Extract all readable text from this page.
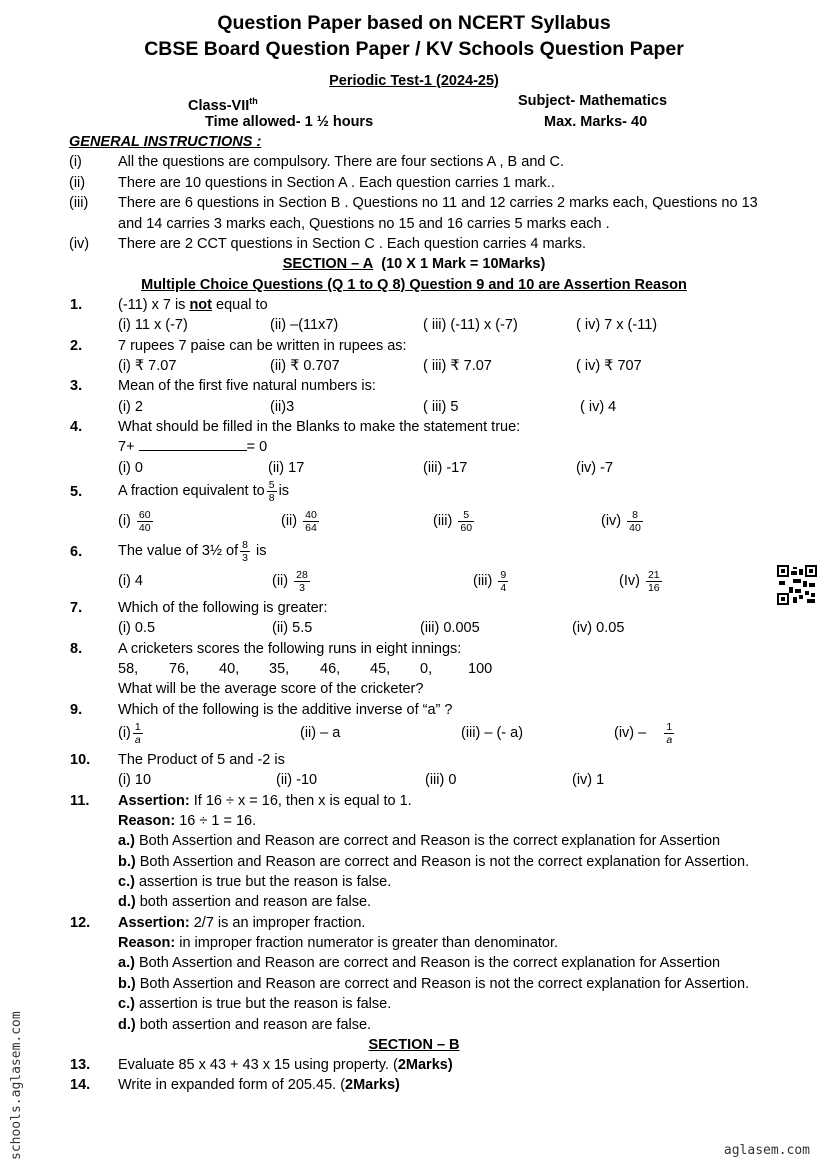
Question Paper based on NCERT Syllabus
CBSE Board Question Paper / KV Schools Question Paper
Periodic Test-1 (2024-25)
Class-VIIth	Subject- Mathematics
Time allowed- 1 ½ hours	Max. Marks- 40
GENERAL INSTRUCTIONS :
(i) All the questions are compulsory. There are four sections A , B and C.
(ii) There are 10 questions in Section A . Each question carries 1 mark..
(iii) There are 6 questions in Section B . Questions no 11 and 12 carries 2 marks each, Questions no 13
and 14 carries 3 marks each, Questions no 15 and 16 carries 5 marks each .
(iv) There are 2 CCT questions in Section C . Each question carries 4 marks.
SECTION – A (10 X 1 Mark = 10Marks)
Multiple Choice Questions (Q 1 to Q 8) Question 9 and 10 are Assertion Reason
1. (-11) x 7 is not equal to
(i) 11 x (-7)	(ii) –(11x7)	( iii) (-11) x (-7)	( iv) 7 x (-11)
2. 7 rupees 7 paise can be written in rupees as:
(i) ₹ 7.07	(ii) ₹ 0.707	( iii) ₹ 7.07	( iv) ₹ 707
3. Mean of the first five natural numbers is:
(i) 2	(ii)3	( iii) 5	( iv) 4
4. What should be filled in the Blanks to make the statement true:
7+	= 0
(i) 0	(ii) 17	(iii) -17	(iv) -7
5. A fraction equivalent to $\frac{5}{8}$ is
$(i) \frac{60}{40}$	$(ii) \frac{40}{64}$	$(iii) \frac{5}{60}$	$(iv) \frac{8}{40}$
6. The value of 3½ of $\frac{8}{3}$ is
(i) 4	$(ii) \frac{28}{3}$	$(iii) \frac{9}{4}$	$(Iv) \frac{21}{16}$
7. Which of the following is greater:
(i) 0.5	(ii) 5.5	(iii) 0.005	(iv) 0.05
8. A cricketers scores the following runs in eight innings:
58, 76, 40, 35, 46, 45, 0, 100
What will be the average score of the cricketer?
9. Which of the following is the additive inverse of “a” ?
$(i) \frac{1}{a}$	(ii) – a	(iii) – (- a)	$(iv) - \frac{1}{a}$
10. The Product of 5 and -2 is
(i) 10	(ii) -10	(iii) 0	(iv) 1
11. Assertion: If 16 ÷ x = 16, then x is equal to 1.
Reason: 16 ÷ 1 = 16.
a.) Both Assertion and Reason are correct and Reason is the correct explanation for Assertion
b.) Both Assertion and Reason are correct and Reason is not the correct explanation for Assertion.
c.) assertion is true but the reason is false.
d.) both assertion and reason are false.
12. Assertion: 2/7 is an improper fraction.
Reason: in improper fraction numerator is greater than denominator.
a.) Both Assertion and Reason are correct and Reason is the correct explanation for Assertion
b.) Both Assertion and Reason are correct and Reason is not the correct explanation for Assertion.
c.) assertion is true but the reason is false.
d.) both assertion and reason are false.
SECTION – B
13. Evaluate 85 x 43 + 43 x 15 using property. (2Marks)
14. Write in expanded form of 205.45. (2Marks)
schools.aglasem.com	aglasem.com
